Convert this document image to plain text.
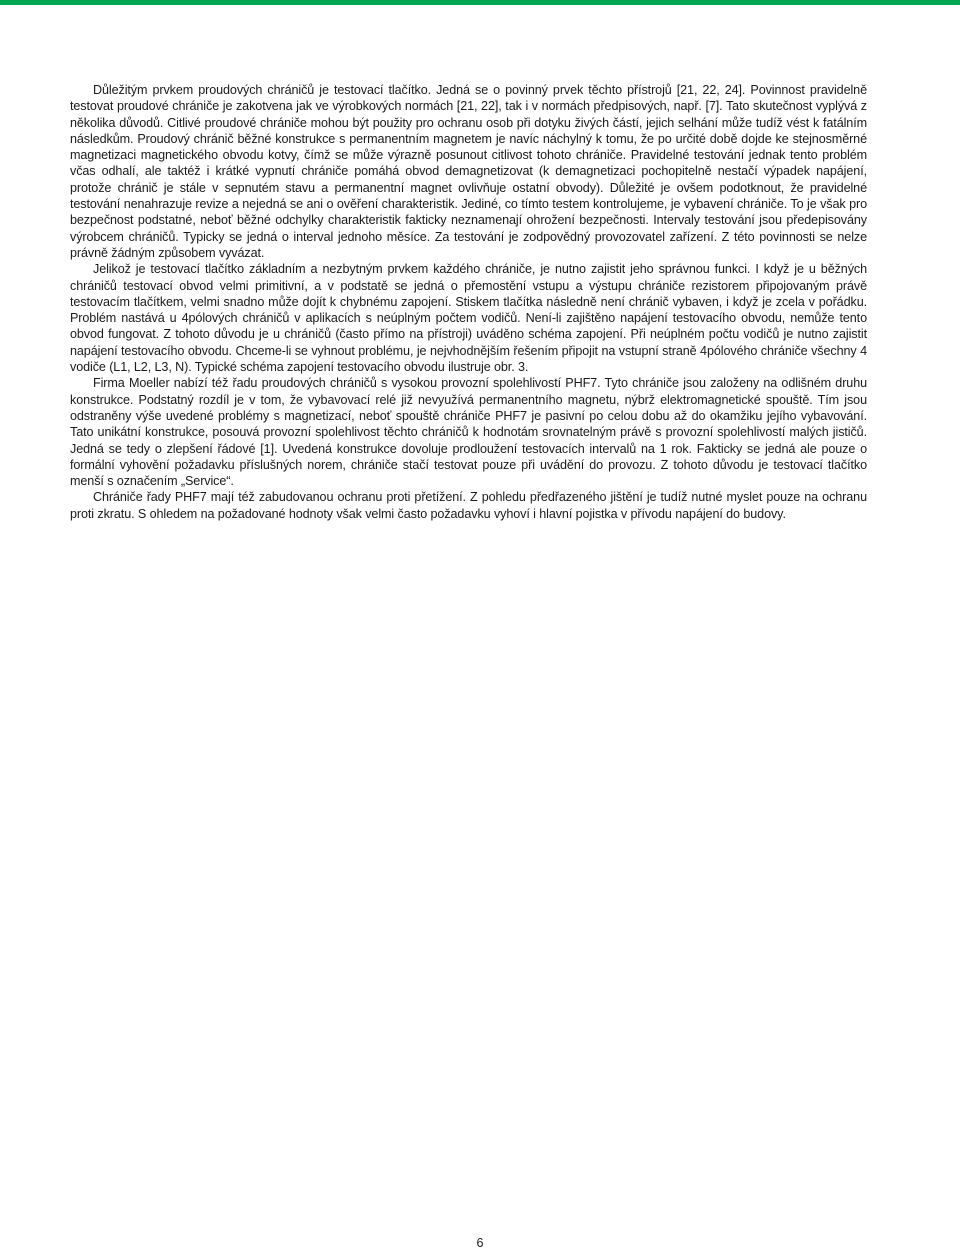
Důležitým prvkem proudových chráničů je testovací tlačítko. Jedná se o povinný prvek těchto přístrojů [21, 22, 24]. Povinnost pravidelně testovat proudové chrániče je zakotvena jak ve výrobkových normách [21, 22], tak i v normách předpisových, např. [7]. Tato skutečnost vyplývá z několika důvodů. Citlivé proudové chrániče mohou být použity pro ochranu osob při dotyku živých částí, jejich selhání může tudíž vést k fatálním následkům. Proudový chránič běžné konstrukce s permanentním magnetem je navíc náchylný k tomu, že po určité době dojde ke stejnosměrné magnetizaci magnetického obvodu kotvy, čímž se může výrazně posunout citlivost tohoto chrániče. Pravidelné testování jednak tento problém včas odhalí, ale taktéž i krátké vypnutí chrániče pomáhá obvod demagnetizovat (k demagnetizaci pochopitelně nestačí výpadek napájení, protože chránič je stále v sepnutém stavu a permanentní magnet ovlivňuje ostatní obvody). Důležité je ovšem podotknout, že pravidelné testování nenahrazuje revize a nejedná se ani o ověření charakteristik. Jediné, co tímto testem kontrolujeme, je vybavení chrániče. To je však pro bezpečnost podstatné, neboť běžné odchylky charakteristik fakticky neznamenají ohrožení bezpečnosti. Intervaly testování jsou předepisovány výrobcem chráničů. Typicky se jedná o interval jednoho měsíce. Za testování je zodpovědný provozovatel zařízení. Z této povinnosti se nelze právně žádným způsobem vyvázat.

Jelikož je testovací tlačítko základním a nezbytným prvkem každého chrániče, je nutno zajistit jeho správnou funkci. I když je u běžných chráničů testovací obvod velmi primitivní, a v podstatě se jedná o přemostění vstupu a výstupu chrániče rezistorem připojovaným právě testovacím tlačítkem, velmi snadno může dojít k chybnému zapojení. Stiskem tlačítka následně není chránič vybaven, i když je zcela v pořádku. Problém nastává u 4pólových chráničů v aplikacích s neúplným počtem vodičů. Není-li zajištěno napájení testovacího obvodu, nemůže tento obvod fungovat. Z tohoto důvodu je u chráničů (často přímo na přístroji) uváděno schéma zapojení. Při neúplném počtu vodičů je nutno zajistit napájení testovacího obvodu. Chceme-li se vyhnout problému, je nejvhodnějším řešením připojit na vstupní straně 4pólového chrániče všechny 4 vodiče (L1, L2, L3, N). Typické schéma zapojení testovacího obvodu ilustruje obr. 3.

Firma Moeller nabízí též řadu proudových chráničů s vysokou provozní spolehlivostí PHF7. Tyto chrániče jsou založeny na odlišném druhu konstrukce. Podstatný rozdíl je v tom, že vybavovací relé již nevyužívá permanentního magnetu, nýbrž elektromagnetické spouště. Tím jsou odstraněny výše uvedené problémy s magnetizací, neboť spouště chrániče PHF7 je pasivní po celou dobu až do okamžiku jejího vybavování. Tato unikátní konstrukce, posouvá provozní spolehlivost těchto chráničů k hodnotám srovnatelným právě s provozní spolehlivostí malých jističů. Jedná se tedy o zlepšení řádové [1]. Uvedená konstrukce dovoluje prodloužení testovacích intervalů na 1 rok. Fakticky se jedná ale pouze o formální vyhovění požadavku příslušných norem, chrániče stačí testovat pouze při uvádění do provozu. Z tohoto důvodu je testovací tlačítko menší s označením „Service“.

Chrániče řady PHF7 mají též zabudovanou ochranu proti přetížení. Z pohledu předřazeného jištění je tudíž nutné myslet pouze na ochranu proti zkratu. S ohledem na požadované hodnoty však velmi často požadavku vyhoví i hlavní pojistka v přívodu napájení do budovy.

6
